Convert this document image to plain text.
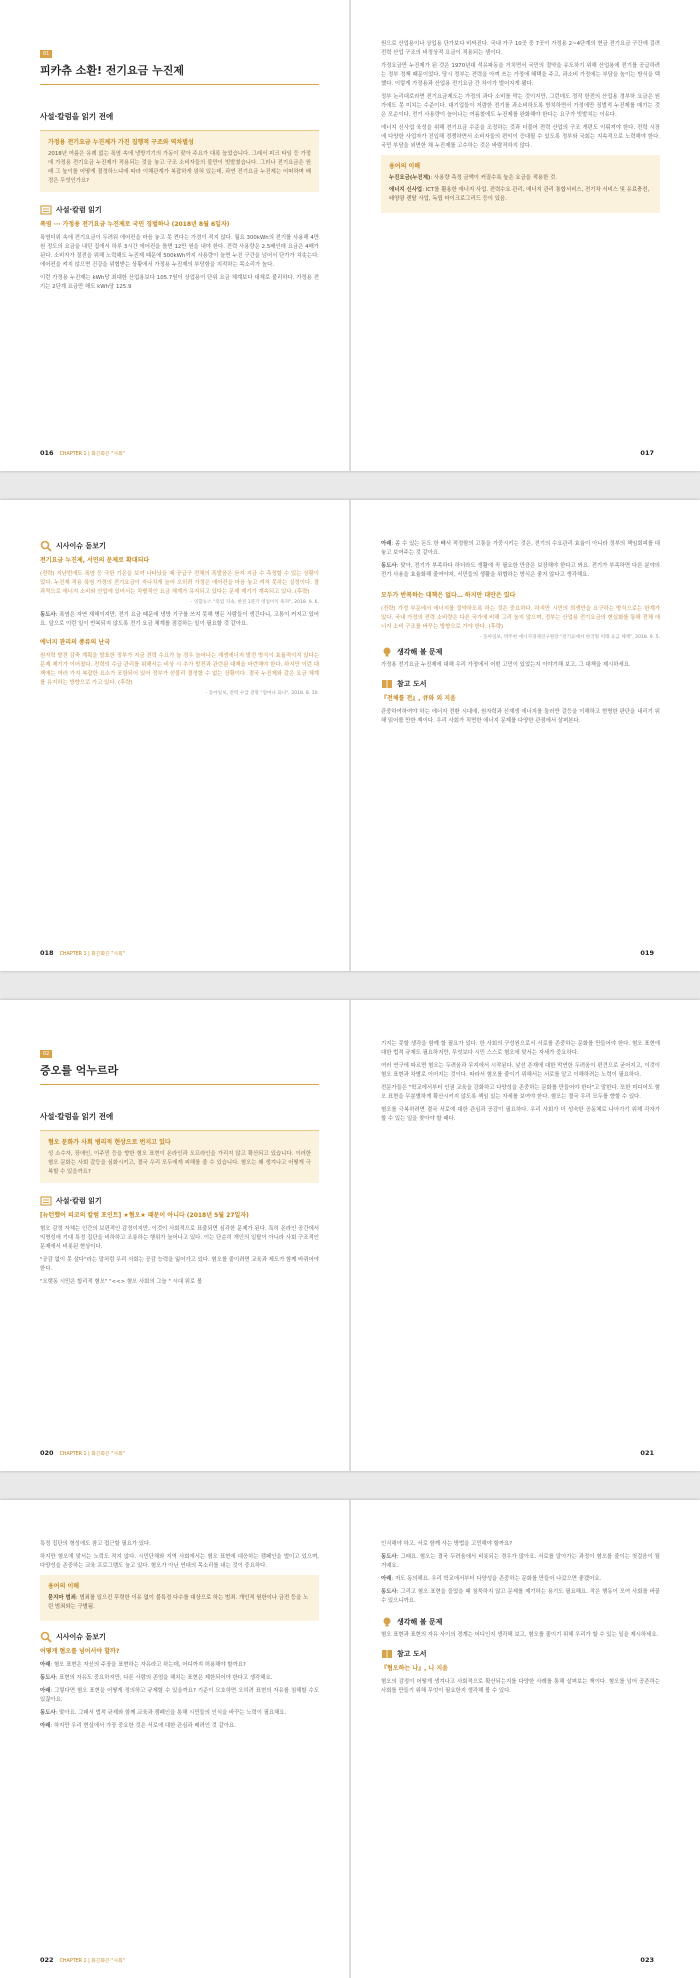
01
피카츄 소환! 전기요금 누진제
사설·칼럼을 읽기 전에
가정용 전기요금 누진제가 가진 집행적 구조와 역차별성

2018년 여름은 유례 없는 폭염 속에 냉방기기의 가동이 잦아 주요가 대폭 늘었습니다. 그래서 피크 타임 등 가정에 가정용 전기요금 누진제가 적용되는 것을 놓고 구조 소비자들의 불만이 빗발쳤습니다. 그러나 전기요금은 원래 그 높이를 어떻게 결정하느냐에 따라 이해관계가 복잡하게 얽혀 있는데, 과연 전기요금 누진제는 어떠하며 배경은 무엇인가요?

사설·칼럼 읽기
폭염 ··· 가정용 전기요금 누진제로 국민 징벌하나 (2018년 8월 6일자)

폭염더위 속에 전기요금이 두려워 에어컨을 마음 놓고 못 켠다는 가정이 적지 않다. 월요 300kWh의 전기를 사용해 4만 원 정도의 요금을 내던 집에서 하루 3시간 에어컨을 틀면 12만 원을 내야 한다. 전력 사용량은 2.5배인데 요금은 4배가 된다. 소비자가 절전을 위해 노력해도 누진제 때문에 500kWh까지 사용량이 늘면 누진 구간을 넘어서 단가가 치솟는다. 에어컨을 켜지 않으면 건강을 위협받는 상황에서 가정용 누진제의 부당함을 지적하는 목소리가 높다.

이런 가정용 누진제는 kWh당 최대한 산업용보다 105.7원이 상업용이 단위 요금 체계보다 대체로 불리하다. 가정용 전기는 2단계 요금만 해도 kWh당 125.9

016 CHAPTER 1 | 화끈화끈 "사회"

원으로 산업용이나 상업용 단가보다 비싸진다. 국내 가구 10곳 중 7곳이 가정용 2~4단계의 현금 전기요금 구간에 걸려 전력 산업 구조의 비정상적 요금이 적용되는 셈이다.

가정요금만 누진제가 된 것은 1970년대 석유파동을 거치면서 국민의 절약을 유도하기 위해 산업용에 전기를 공급하려는 정부 정책 때문이었다. 당시 정부는 전력을 아껴 쓰는 가정에 혜택을 주고, 과소비 가정에는 부담을 높이는 방식을 택했다. 이렇게 가정용과 산업용 전기요금 간 차이가 벌어지게 됐다.

정부 논리대로라면 전기요금제도는 가정의 과다 소비를 막는 것이지만, 그런데도 정작 한전의 산업용 경부하 요금은 원가에도 못 미치는 수준이다. 대기업들이 저렴한 전기를 과소비하도록 방치하면서 가정에만 징벌적 누진제를 매기는 것은 모순이다. 전기 사용량이 늘어나는 여름철에도 누진제를 완화해야 한다는 요구가 빗발치는 이유다.

에너지 신사업 육성을 위해 전기요금 수준을 조정하는 것과 더불어 전력 산업의 구조 개편도 이뤄져야 한다. 전력 시장에 다양한 사업자가 진입해 경쟁하면서 소비자들의 편익이 증대될 수 있도록 정부와 국회는 지속적으로 노력해야 한다. 국민 부담을 외면한 채 누진제를 고수하는 것은 바람직하지 않다.

용어의 이해

누진요금(누진제): 사용량 측정 금액이 커질수록 높은 요금을 적용한 것.

에너지 신사업: ICT를 활용한 에너지 사업. 전력수요 관리, 에너지 관리 통합서비스, 전기차 서비스 및 유료충전, 태양광 렌탈 사업, 독립 마이크로그리드 등이 있음.

017
시사이슈 돋보기
전기요금 누진제, 서민의 문제로 확대되다

(전략) 지난번에도 폭염 등 극한 기온을 보여 나타났을 때 공급구 전체의 폭발음은 듣지 지금 수 측정할 수 있는 상황이었다. 누진제 적용 폭염 가정의 전기요금이 지나치게 늘어 오히려 가정은 에어컨을 마음 놓고 켜지 못하는 실정이다. 결과적으로 에너지 소비와 산업에 있어서는 차별적인 요금 체계가 유지되고 있다는 문제 제기가 계속되고 있다. (후략)

- 연합뉴스 "폭염 지속, 한전 1분기 영업이익 흑자", 2018. 9. 6.

동도사: 폭염은 자연 재해이지만, 전기 요금 때문에 냉방 기구를 쓰지 못해 병든 사람들이 생긴다니, 고통이 커지고 있어요. 앞으로 이런 일이 반복되지 않도록 전기 요금 체계를 점검하는 일이 필요할 것 같아요.

에너지 관리의 종류의 난국

원자력 발전 감축 계획을 발표한 정부가 지금 전력 수요가 늘 경우 늘어나는 재생에너지 발전 방식이 효율적이지 않다는 문제 제기가 이어졌다. 전력의 수급 관리를 위해서는 비상 시 추가 발전과 관련된 대책을 마련해야 한다. 하지만 이런 대책에는 여러 가지 복잡한 요소가 포함되어 있어 정부가 섣불리 결정할 수 없는 상황이다. 결국 누진제와 같은 요금 체계를 유지하는 방향으로 가고 있다. (후략)

- 동아일보, 전력 수급 전망 "얼마나 되나", 2018. 8. 10.
018 CHAPTER 1 | 화끈화끈 "사회"

아래: 좀 수 있는 돈도 한 빼서 적정함의 고통을 가중시키는 것은, 전기의 수요관리 효율이 아니라 정부의 책임회피를 대놓고 보여주는 것 같아요.

동도사: 맞아, 전기가 부족하다 하더라도 생활에 꼭 필요한 만큼은 보장해야 한다고 봐요. 전기가 부족하면 다른 분야의 전기 사용을 효율화해 줄여야지, 서민들의 생활을 위협하는 방식은 좋지 않다고 생각해요.

모두가 반복하는 대책은 없다… 하지만 대안은 있다

(전략) 가정 부문에서 에너지를 절약하도록 하는 것은 중요하다. 하지만 시민의 희생만을 요구하는 방식으로는 한계가 있다. 국내 가정의 전력 소비량은 다른 국가에 비해 그리 높지 않으며, 정부는 산업용 전기요금의 현실화를 통해 전체 에너지 소비 구조를 바꾸는 방향으로 가야 한다. (후략)

- 동아일보, 박주헌 에너지경제연구원장 "전기료에서 한국형 미래 요금 체계", 2018. 9. 5.
생각해 볼 문제

가정용 전기요금 누진제에 대해 우리 가정에서 어떤 고민이 있었는지 이야기해 보고, 그 대책을 제시하세요.

참고 도서
『전체를 전』, 큐와 외 지음

관중하여하여야 하는 에너지 전환 시대에, 원자력과 신재생 에너지를 둘러싼 갈등을 이해하고 현명한 판단을 내리기 위해 읽어볼 만한 책이다. 우리 사회가 직면한 에너지 문제를 다양한 관점에서 살펴본다.

019
02
증오를 억누르라
사설·칼럼을 읽기 전에
혐오 문화가 사회 병리적 현상으로 번지고 있다

성 소수자, 장애인, 이주민 등을 향한 혐오 표현이 온라인과 오프라인을 가리지 않고 확산되고 있습니다. 이러한 혐오 문화는 사회 갈등을 심화시키고, 결국 우리 모두에게 피해를 줄 수 있습니다. 혐오는 왜 생겨나고 어떻게 극복할 수 있을까요?

사설·칼럼 읽기
[뉴턴했어 피코의 칼럼 포인트] ★혐오★ 때문이 아니다 (2018년 5월 27일자)

혐오 감정 자체는 인간의 보편적인 감정이지만, 이것이 사회적으로 표출되면 심각한 문제가 된다. 특히 온라인 공간에서 익명성에 기대 특정 집단을 비하하고 조롱하는 행위가 늘어나고 있다. 이는 단순히 개인의 일탈이 아니라 사회 구조적인 문제에서 비롯된 현상이다.

"공감 없이 못 살다"라는 말처럼 우리 사회는 공감 능력을 잃어가고 있다. 혐오를 줄이려면 교육과 제도가 함께 바뀌어야 한다.

"오랫동 시민은 합리적 혐오" "<<> 혐오 사회의 그늘 " 시대 위로 볼

020 CHAPTER 1 | 화끈화끈 "사회"

기지는 못할 생각을 함께 할 필요가 있다. 한 사회의 구성원으로서 서로를 존중하는 문화를 만들어야 한다. 혐오 표현에 대한 법적 규제도 필요하지만, 무엇보다 시민 스스로 혐오에 맞서는 자세가 중요하다.

여러 연구에 따르면 혐오는 두려움과 무지에서 시작된다. 낯선 존재에 대한 막연한 두려움이 편견으로 굳어지고, 이것이 혐오 표현과 차별로 이어지는 것이다. 따라서 혐오를 줄이기 위해서는 서로를 알고 이해하려는 노력이 필요하다.

전문가들은 "학교에서부터 인권 교육을 강화하고 다양성을 존중하는 문화를 만들어야 한다"고 말한다. 또한 미디어도 혐오 표현을 무분별하게 확산시키지 않도록 책임 있는 자세를 보여야 한다. 혐오는 결국 우리 모두를 향할 수 있다.

혐오를 극복하려면 결국 서로에 대한 관심과 공감이 필요하다. 우리 사회가 더 성숙한 공동체로 나아가기 위해 각자가 할 수 있는 일을 찾아야 할 때다.

021

특정 집단의 형성에도 참고 접근할 필요가 있다.

하지만 혐오에 맞서는 노력도 적지 않다. 시민단체와 지역 사회에서는 혐오 표현에 대응하는 캠페인을 벌이고 있으며, 다양성을 존중하는 교육 프로그램도 늘고 있다. 혐오가 아닌 연대의 목소리를 내는 것이 중요하다.

용어의 이해

묻지마 범죄: 범죄를 일으킨 뚜렷한 이유 없이 불특정 다수를 대상으로 하는 범죄. 개인적 원한이나 금전 등을 노린 범죄와는 구별됨.

시사이슈 돋보기
어떻게 혐오를 넘어서야 할까?

아래: 혐오 표현은 자신의 주장을 표현하는 자유라고 하는데, 어디까지 허용해야 할까요?

동도사: 표현의 자유도 중요하지만, 다른 사람의 존엄을 해치는 표현은 제한되어야 한다고 생각해요.

아래: 그렇다면 혐오 표현을 어떻게 정의하고 규제할 수 있을까요? 기준이 모호하면 오히려 표현의 자유를 침해할 수도 있잖아요.

동도사: 맞아요. 그래서 법적 규제와 함께 교육과 캠페인을 통해 시민들의 인식을 바꾸는 노력이 필요해요.

아래: 하지만 우리 현실에서 가장 중요한 것은 서로에 대한 관심과 배려인 것 같아요.

022 CHAPTER 1 | 화끈화끈 "사회"

인식해야 하고, 서로 함께 사는 방법을 고민해야 할까요?

동도사: 그래요. 혐오는 결국 두려움에서 비롯되는 경우가 많아요. 서로를 알아가는 과정이 혐오를 줄이는 첫걸음이 될 거예요.

아래: 저도 동의해요. 우리 학교에서부터 다양성을 존중하는 문화를 만들어 나갔으면 좋겠어요.

동도사: 그리고 혐오 표현을 들었을 때 침묵하지 않고 문제를 제기하는 용기도 필요해요. 작은 행동이 모여 사회를 바꿀 수 있으니까요.

생각해 볼 문제

혐오 표현과 표현의 자유 사이의 경계는 어디인지 생각해 보고, 혐오를 줄이기 위해 우리가 할 수 있는 일을 제시하세요.

참고 도서
『혐오하는 나』, 니 지음

혐오의 감정이 어떻게 생겨나고 사회적으로 확산되는지를 다양한 사례를 통해 살펴보는 책이다. 혐오를 넘어 공존하는 사회를 만들기 위해 무엇이 필요한지 생각해 볼 수 있다.

023
